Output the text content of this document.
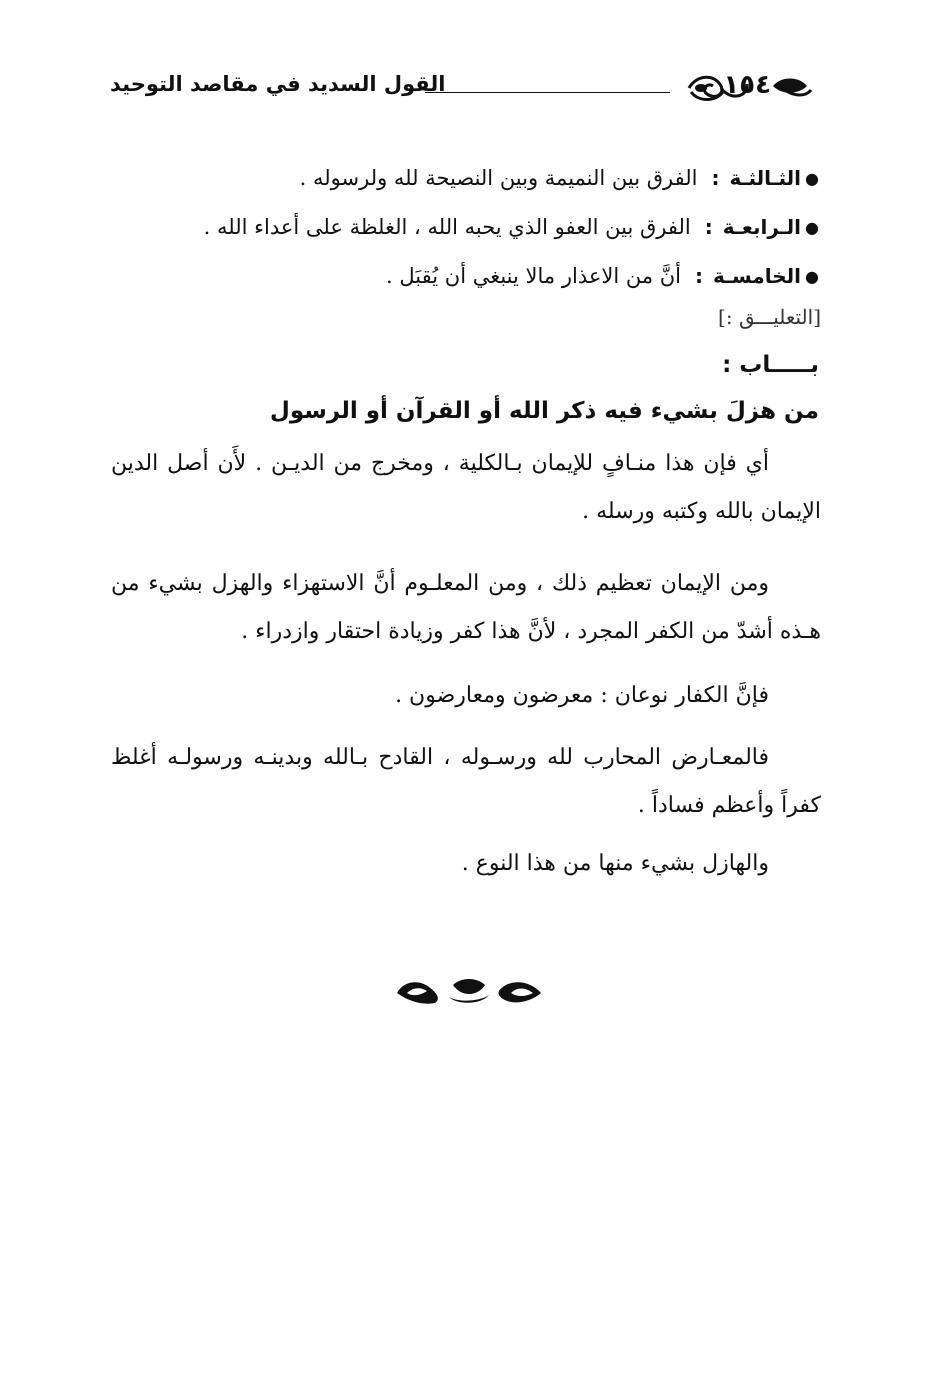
١٥٤
القول السديد في مقاصد التوحيد
●
الثـالثـة
:
الفرق بين النميمة وبين النصيحة لله ولرسوله .
●
الـرابعـة
:
الفرق بين العفو الذي يحبه الله ، الغلظة على أعداء الله .
●
الخامسـة
:
أنَّ من الاعذار مالا ينبغي أن يُقبَل .
[التعليـــق :]
بـــــاب :
من هزلَ بشيء فيه ذكر الله أو القرآن أو الرسول

أي فإن هذا منـافٍ للإيمان بـالكلية ، ومخرج من الديـن . لأَن أصل الدين الإيمان بالله وكتبه ورسله .

ومن الإيمان تعظيم ذلك ، ومن المعلـوم أنَّ الاستهزاء والهزل بشيء من هـذه أشدّ من الكفر المجرد ، لأنَّ هذا كفر وزيادة احتقار وازدراء .

فإنَّ الكفار نوعان : معرضون ومعارضون .

فالمعـارض المحارب لله ورسـوله ، القادح بـالله وبدينـه ورسولـه أغلظ كفراً وأعظم فساداً .

والهازل بشيء منها من هذا النوع .
